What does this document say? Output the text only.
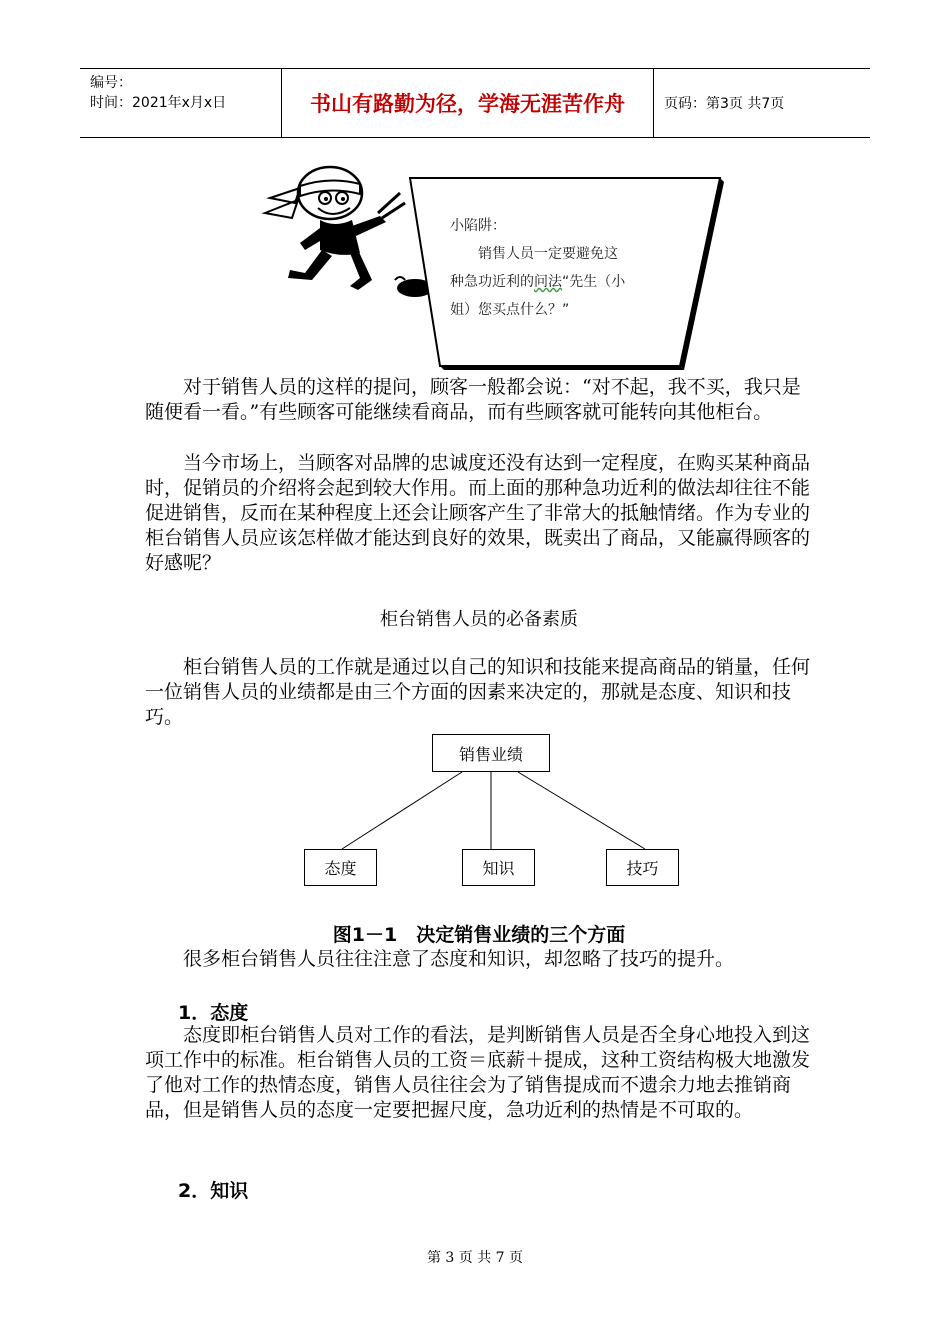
编号：
时间：2021年x月x日	书山有路勤为径，学海无涯苦作舟	页码：第3页 共7页
小陷阱：
销售人员一定要避免这
种急功近利的问法“先生（小
姐）您买点什么？”

对于销售人员的这样的提问，顾客一般都会说：“对不起，我不买，我只是随便看一看。”有些顾客可能继续看商品，而有些顾客就可能转向其他柜台。

当今市场上，当顾客对品牌的忠诚度还没有达到一定程度，在购买某种商品时，促销员的介绍将会起到较大作用。而上面的那种急功近利的做法却往往不能促进销售，反而在某种程度上还会让顾客产生了非常大的抵触情绪。作为专业的柜台销售人员应该怎样做才能达到良好的效果，既卖出了商品，又能赢得顾客的好感呢？

柜台销售人员的必备素质

柜台销售人员的工作就是通过以自己的知识和技能来提高商品的销量，任何一位销售人员的业绩都是由三个方面的因素来决定的，那就是态度、知识和技巧。

销售业绩
态度	知识	技巧
图1－1　决定销售业绩的三个方面

很多柜台销售人员往往注意了态度和知识，却忽略了技巧的提升。

1．态度

态度即柜台销售人员对工作的看法，是判断销售人员是否全身心地投入到这项工作中的标准。柜台销售人员的工资＝底薪＋提成，这种工资结构极大地激发了他对工作的热情态度，销售人员往往会为了销售提成而不遗余力地去推销商品，但是销售人员的态度一定要把握尺度，急功近利的热情是不可取的。

2．知识
第 3 页 共 7 页
